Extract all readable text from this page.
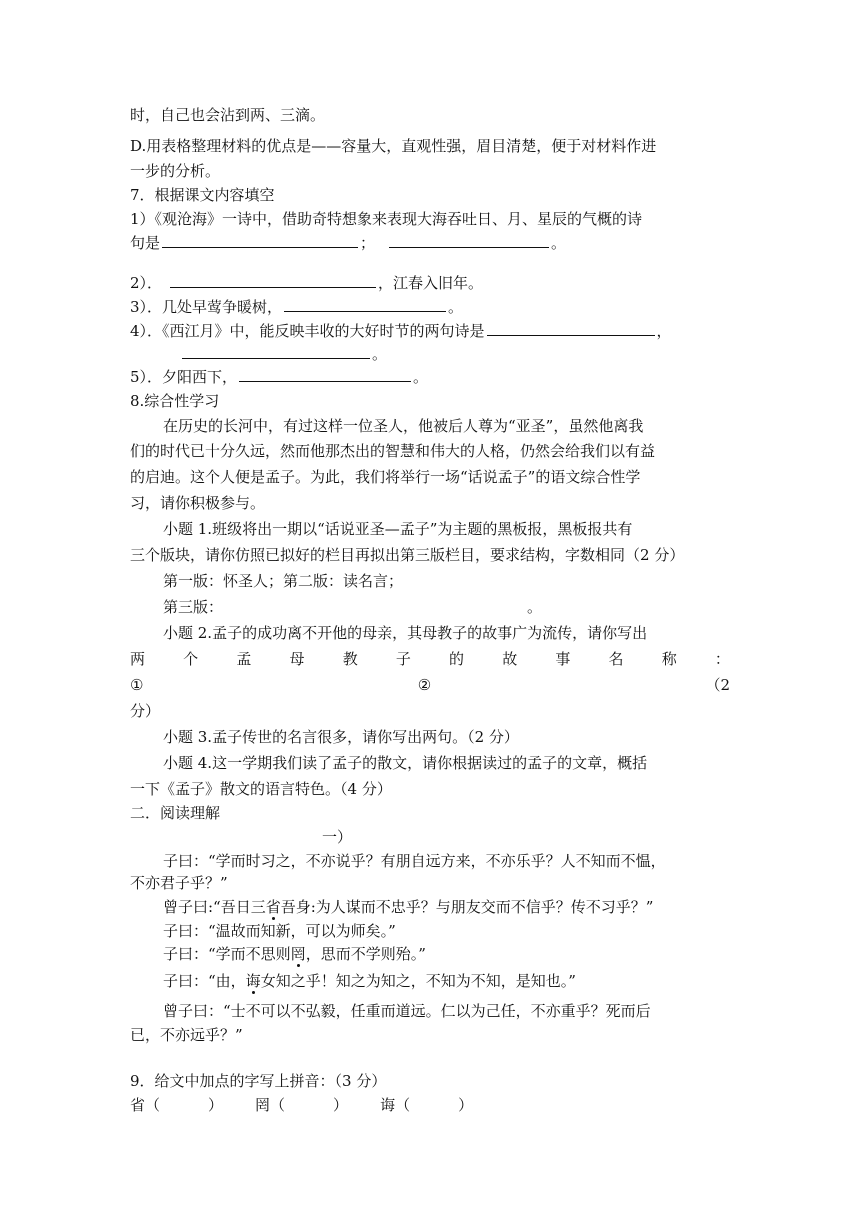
时，自己也会沾到两、三滴。
D.用表格整理材料的优点是——容量大，直观性强，眉目清楚，便于对材料作进
一步的分析。
7．根据课文内容填空
1）《观沧海》一诗中，借助奇特想象来表现大海吞吐日、月、星辰的气概的诗
句是	；	。
2）．	，江春入旧年。
3）．几处早莺争暖树，	。
4）．《西江月》中，能反映丰收的大好时节的两句诗是	，
。
5）．夕阳西下，	。
8.综合性学习
在历史的长河中，有过这样一位圣人，他被后人尊为“亚圣”，虽然他离我
们的时代已十分久远，然而他那杰出的智慧和伟大的人格，仍然会给我们以有益
的启迪。这个人便是孟子。为此，我们将举行一场“话说孟子”的语文综合性学
习，请你积极参与。
小题 1.班级将出一期以“话说亚圣—孟子”为主题的黑板报，黑板报共有
三个版块，请你仿照已拟好的栏目再拟出第三版栏目，要求结构，字数相同（2 分）
第一版：怀圣人；第二版：读名言；
第三版：	。
小题 2.孟子的成功离不开他的母亲，其母教子的故事广为流传，请你写出
两	个	孟	母	教	子	的	故	事	名	称	：
①	②	（2
分）
小题 3.孟子传世的名言很多，请你写出两句。（2 分）
小题 4.这一学期我们读了孟子的散文，请你根据读过的孟子的文章，概括
一下《孟子》散文的语言特色。（4 分）
二．阅读理解
一）
子曰：“学而时习之，不亦说乎？有朋自远方来，不亦乐乎？人不知而不愠，
不亦君子乎？”
曾子曰:“吾日三省吾身:为人谋而不忠乎？与朋友交而不信乎？传不习乎？”
子曰：“温故而知新，可以为师矣。”
子曰：“学而不思则罔，思而不学则殆。”
子曰：“由，诲女知之乎！知之为知之，不知为不知，是知也。”
曾子曰：“士不可以不弘毅，任重而道远。仁以为己任，不亦重乎？死而后
已，不亦远乎？”
9．给文中加点的字写上拼音：（3 分）
省（	） 罔（	） 诲（	）
